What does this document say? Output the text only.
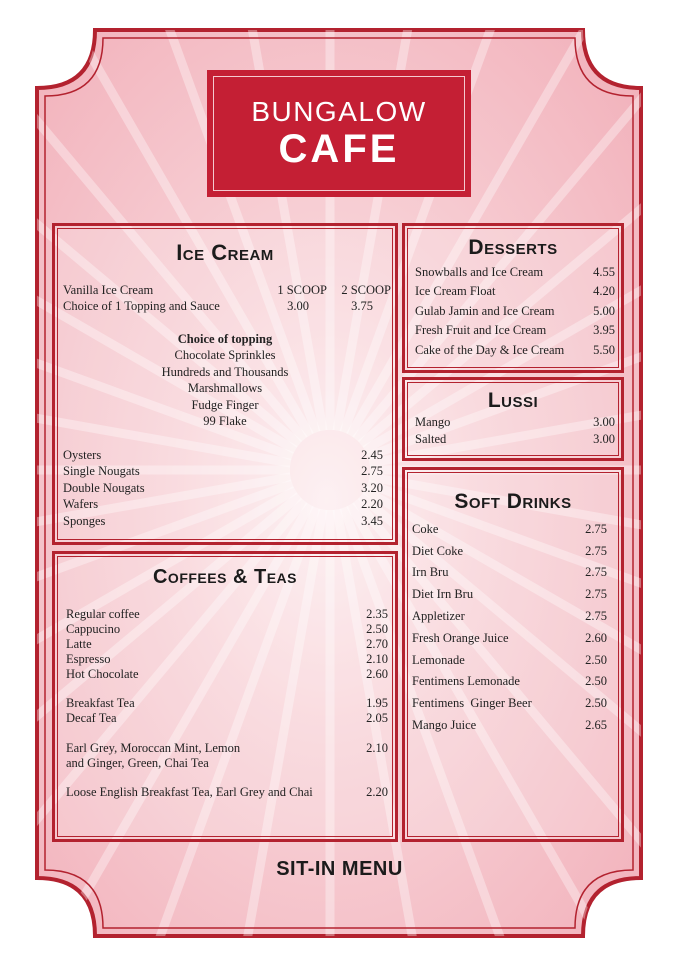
BUNGALOW
CAFE
Ice Cream
Vanilla Ice Cream	1 SCOOP 2 SCOOP
Choice of 1 Topping and Sauce	3.00	3.75
Choice of topping
Chocolate Sprinkles
Hundreds and Thousands
Marshmallows
Fudge Finger
99 Flake
Oysters	2.45
Single Nougats	2.75
Double Nougats	3.20
Wafers	2.20
Sponges	3.45
Desserts
Snowballs and Ice Cream	4.55
Ice Cream Float	4.20
Gulab Jamin and Ice Cream	5.00
Fresh Fruit and Ice Cream	3.95
Cake of the Day & Ice Cream 5.50
Lussi
Mango	3.00
Salted	3.00
Soft Drinks
Coke	2.75
Diet Coke	2.75
Irn Bru	2.75
Diet Irn Bru	2.75
Appletizer	2.75
Fresh Orange Juice	2.60
Lemonade	2.50
Fentimens Lemonade	2.50
Fentimens  Ginger Beer	2.50
Mango Juice	2.65
Coffees & Teas
Regular coffee	2.35
Cappucino	2.50
Latte	2.70
Espresso	2.10
Hot Chocolate	2.60
Breakfast Tea	1.95
Decaf Tea	2.05
Earl Grey, Moroccan Mint, Lemon	2.10
and Ginger, Green, Chai Tea
Loose English Breakfast Tea, Earl Grey and Chai	2.20
SIT-IN MENU
